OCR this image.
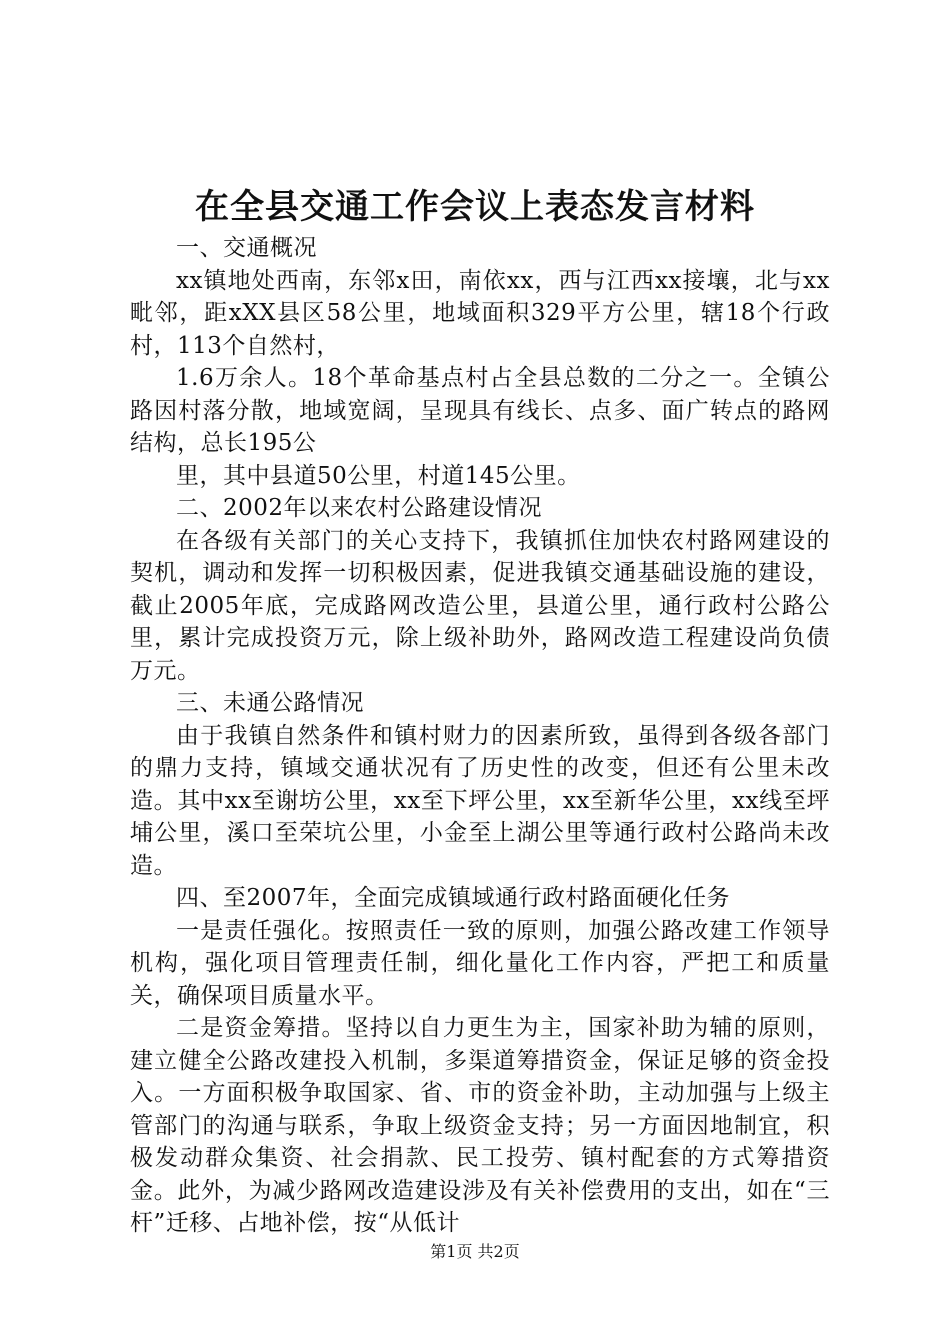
在全县交通工作会议上表态发言材料

一、交通概况

xx镇地处西南，东邻x田，南依xx，西与江西xx接壤，北与xx毗邻，距xXX县区58公里，地域面积329平方公里，辖18个行政村，113个自然村，

1.6万余人。18个革命基点村占全县总数的二分之一。全镇公路因村落分散，地域宽阔，呈现具有线长、点多、面广转点的路网结构，总长195公

里，其中县道50公里，村道145公里。

二、2002年以来农村公路建设情况

在各级有关部门的关心支持下，我镇抓住加快农村路网建设的契机，调动和发挥一切积极因素，促进我镇交通基础设施的建设，截止2005年底，完成路网改造公里，县道公里，通行政村公路公里，累计完成投资万元，除上级补助外，路网改造工程建设尚负债万元。

三、未通公路情况

由于我镇自然条件和镇村财力的因素所致，虽得到各级各部门的鼎力支持，镇域交通状况有了历史性的改变，但还有公里未改造。其中xx至谢坊公里，xx至下坪公里，xx至新华公里，xx线至坪埔公里，溪口至荣坑公里，小金至上湖公里等通行政村公路尚未改造。

四、至2007年，全面完成镇域通行政村路面硬化任务

一是责任强化。按照责任一致的原则，加强公路改建工作领导机构，强化项目管理责任制，细化量化工作内容，严把工和质量关，确保项目质量水平。

二是资金筹措。坚持以自力更生为主，国家补助为辅的原则，建立健全公路改建投入机制，多渠道筹措资金，保证足够的资金投入。一方面积极争取国家、省、市的资金补助，主动加强与上级主管部门的沟通与联系，争取上级资金支持；另一方面因地制宜，积极发动群众集资、社会捐款、民工投劳、镇村配套的方式筹措资金。此外，为减少路网改造建设涉及有关补偿费用的支出，如在“三杆”迁移、占地补偿，按“从低计

第1页 共2页
